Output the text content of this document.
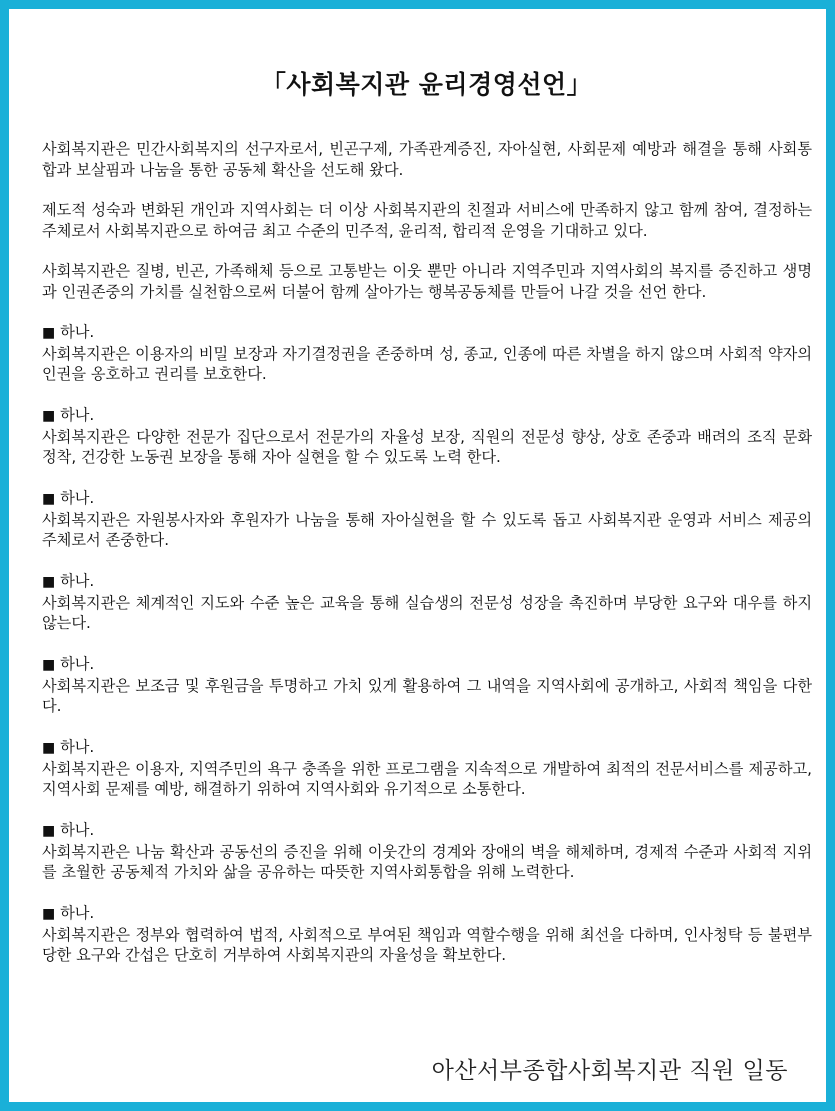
「사회복지관 윤리경영선언」

사회복지관은 민간사회복지의 선구자로서, 빈곤구제, 가족관계증진, 자아실현, 사회문제 예방과 해결을 통해 사회통합과 보살핌과 나눔을 통한 공동체 확산을 선도해 왔다.

제도적 성숙과 변화된 개인과 지역사회는 더 이상 사회복지관의 친절과 서비스에 만족하지 않고 함께 참여, 결정하는 주체로서 사회복지관으로 하여금 최고 수준의 민주적, 윤리적, 합리적 운영을 기대하고 있다.

사회복지관은 질병, 빈곤, 가족해체 등으로 고통받는 이웃 뿐만 아니라 지역주민과 지역사회의 복지를 증진하고 생명과 인권존중의 가치를 실천함으로써 더불어 함께 살아가는 행복공동체를 만들어 나갈 것을 선언 한다.

■ 하나.
사회복지관은 이용자의 비밀 보장과 자기결정권을 존중하며 성, 종교, 인종에 따른 차별을 하지 않으며 사회적 약자의 인권을 옹호하고 권리를 보호한다.
■ 하나.
사회복지관은 다양한 전문가 집단으로서 전문가의 자율성 보장, 직원의 전문성 향상, 상호 존중과 배려의 조직 문화 정착, 건강한 노동권 보장을 통해 자아 실현을 할 수 있도록 노력 한다.
■ 하나.
사회복지관은 자원봉사자와 후원자가 나눔을 통해 자아실현을 할 수 있도록 돕고 사회복지관 운영과 서비스 제공의 주체로서 존중한다.
■ 하나.
사회복지관은 체계적인 지도와 수준 높은 교육을 통해 실습생의 전문성 성장을 촉진하며 부당한 요구와 대우를 하지 않는다.
■ 하나.
사회복지관은 보조금 및 후원금을 투명하고 가치 있게 활용하여 그 내역을 지역사회에 공개하고, 사회적 책임을 다한다.
■ 하나.
사회복지관은 이용자, 지역주민의 욕구 충족을 위한 프로그램을 지속적으로 개발하여 최적의 전문서비스를 제공하고, 지역사회 문제를 예방, 해결하기 위하여 지역사회와 유기적으로 소통한다.
■ 하나.
사회복지관은 나눔 확산과 공동선의 증진을 위해 이웃간의 경계와 장애의 벽을 해체하며, 경제적 수준과 사회적 지위를 초월한 공동체적 가치와 삶을 공유하는 따뜻한 지역사회통합을 위해 노력한다.
■ 하나.
사회복지관은 정부와 협력하여 법적, 사회적으로 부여된 책임과 역할수행을 위해 최선을 다하며, 인사청탁 등 불편부당한 요구와 간섭은 단호히 거부하여 사회복지관의 자율성을 확보한다.
아산서부종합사회복지관 직원 일동
